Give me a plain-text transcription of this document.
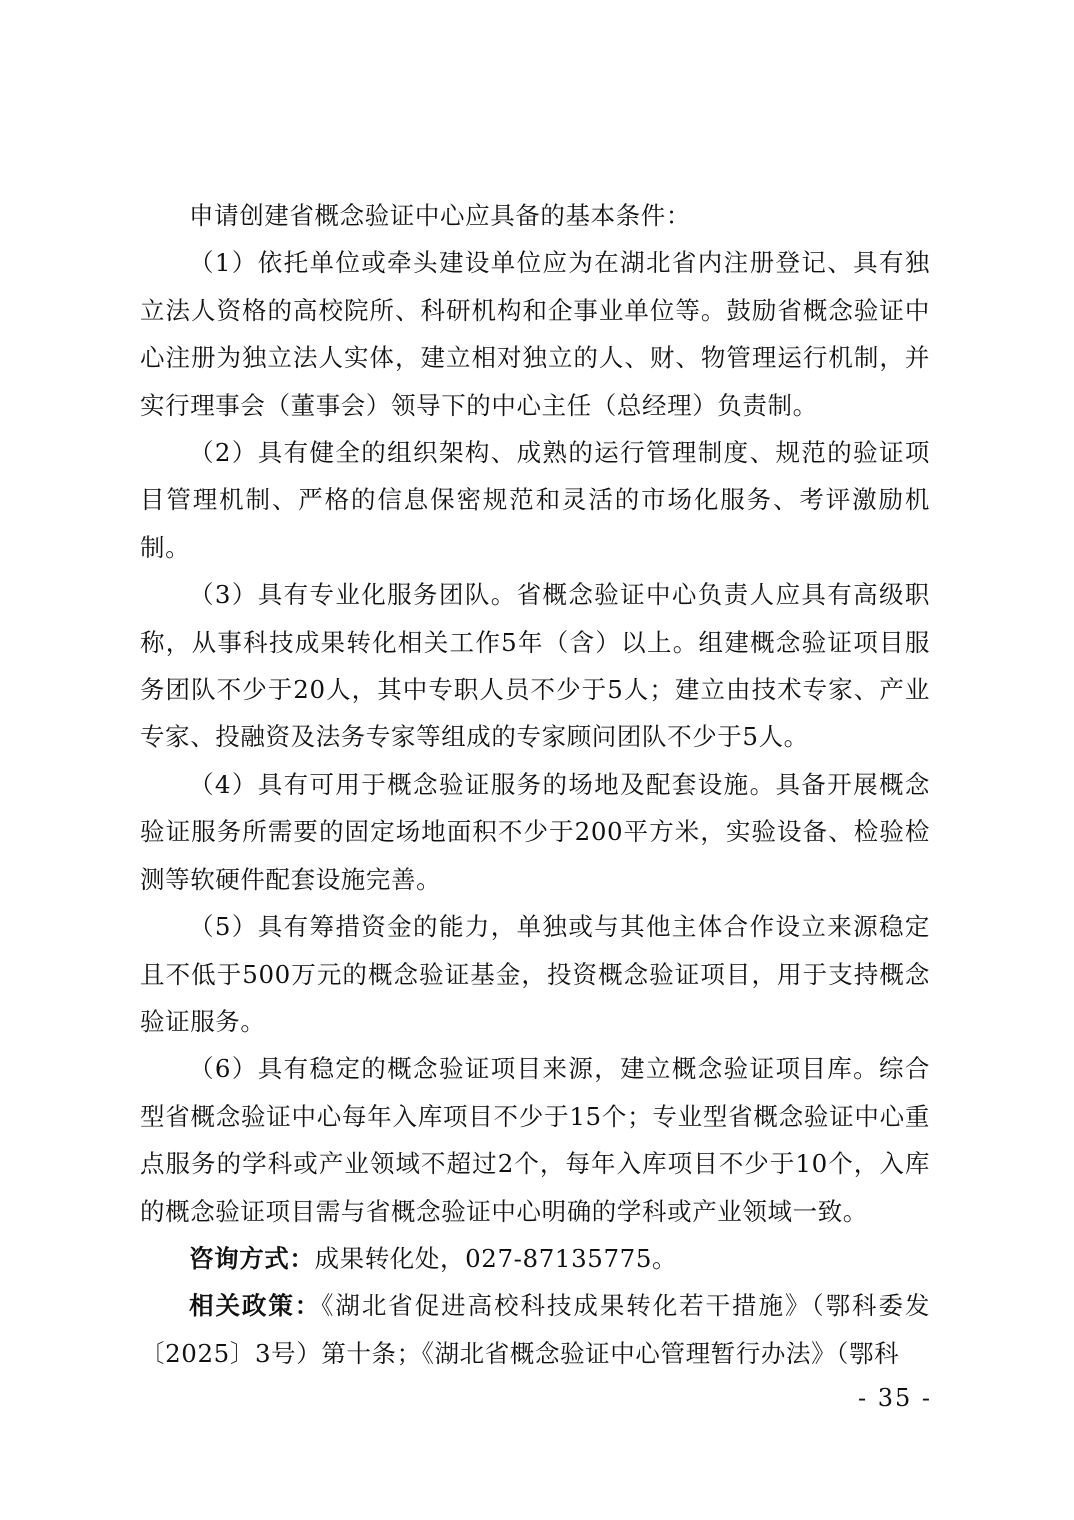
申请创建省概念验证中心应具备的基本条件：

（1）依托单位或牵头建设单位应为在湖北省内注册登记、具有独立法人资格的高校院所、科研机构和企事业单位等。鼓励省概念验证中心注册为独立法人实体，建立相对独立的人、财、物管理运行机制，并实行理事会（董事会）领导下的中心主任（总经理）负责制。

（2）具有健全的组织架构、成熟的运行管理制度、规范的验证项目管理机制、严格的信息保密规范和灵活的市场化服务、考评激励机制。

（3）具有专业化服务团队。省概念验证中心负责人应具有高级职称，从事科技成果转化相关工作5年（含）以上。组建概念验证项目服务团队不少于20人，其中专职人员不少于5人；建立由技术专家、产业专家、投融资及法务专家等组成的专家顾问团队不少于5人。

（4）具有可用于概念验证服务的场地及配套设施。具备开展概念验证服务所需要的固定场地面积不少于200平方米，实验设备、检验检测等软硬件配套设施完善。

（5）具有筹措资金的能力，单独或与其他主体合作设立来源稳定且不低于500万元的概念验证基金，投资概念验证项目，用于支持概念验证服务。

（6）具有稳定的概念验证项目来源，建立概念验证项目库。综合型省概念验证中心每年入库项目不少于15个；专业型省概念验证中心重点服务的学科或产业领域不超过2个，每年入库项目不少于10个，入库的概念验证项目需与省概念验证中心明确的学科或产业领域一致。

咨询方式：成果转化处，027-87135775。

相关政策：《湖北省促进高校科技成果转化若干措施》（鄂科委发〔2025〕3号）第十条；《湖北省概念验证中心管理暂行办法》（鄂科

- 35 -
